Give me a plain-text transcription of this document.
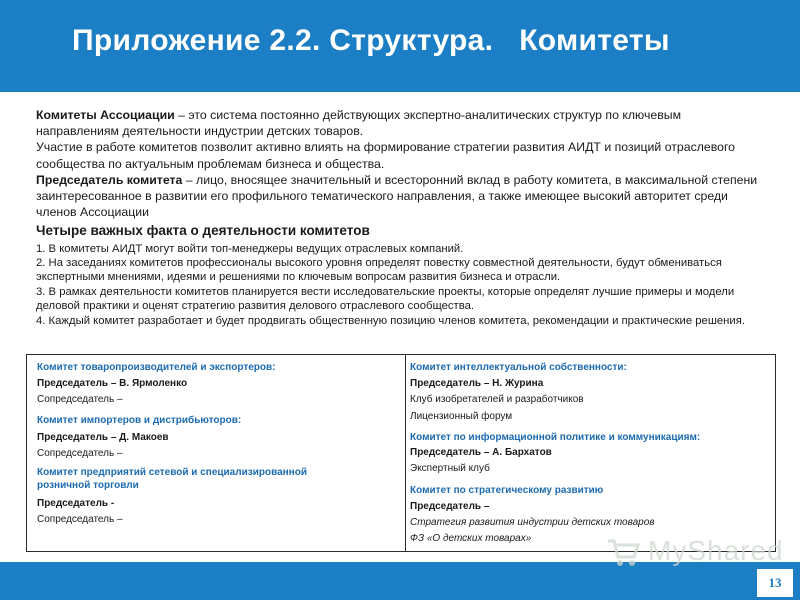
Приложение 2.2. Структура.   Комитеты

Комитеты Ассоциации – это система постоянно действующих экспертно-аналитических структур по ключевым направлениям деятельности индустрии детских товаров.

Участие в работе комитетов позволит активно влиять на формирование стратегии развития АИДТ и позиций отраслевого сообщества по актуальным проблемам бизнеса и общества.

Председатель комитета – лицо, вносящее значительный и всесторонний вклад в работу комитета, в максимальной степени заинтересованное в развитии его профильного тематического направления, а также имеющее высокий авторитет среди членов Ассоциации

Четыре важных факта о деятельности комитетов

1. В комитеты АИДТ могут войти топ-менеджеры ведущих отраслевых компаний.

2. На заседаниях комитетов профессионалы высокого уровня определят повестку совместной деятельности, будут обмениваться экспертными мнениями, идеями и решениями по ключевым вопросам развития бизнеса и отрасли.

3. В рамках деятельности комитетов планируется вести исследовательские проекты, которые определят лучшие примеры и модели деловой практики и оценят стратегию развития делового отраслевого сообщества.

4. Каждый комитет разработает и будет продвигать общественную позицию членов комитета, рекомендации и практические решения.

Комитет товаропроизводителей и экспортеров:
Председатель – В. Ярмоленко
Сопредседатель –
Комитет импортеров и дистрибьюторов:
Председатель – Д. Макоев
Сопредседатель –
Комитет предприятий сетевой и специализированной розничной торговли
Председатель -
Сопредседатель –
Комитет интеллектуальной собственности:
Председатель – Н. Журина
Клуб изобретателей и разработчиков
Лицензионный форум
Комитет по информационной политике и коммуникациям:
Председатель – А. Бархатов
Экспертный клуб
Комитет по стратегическому развитию
Председатель –
Стратегия развития индустрии детских товаров
ФЗ «О детских товарах»
13
MyShared
